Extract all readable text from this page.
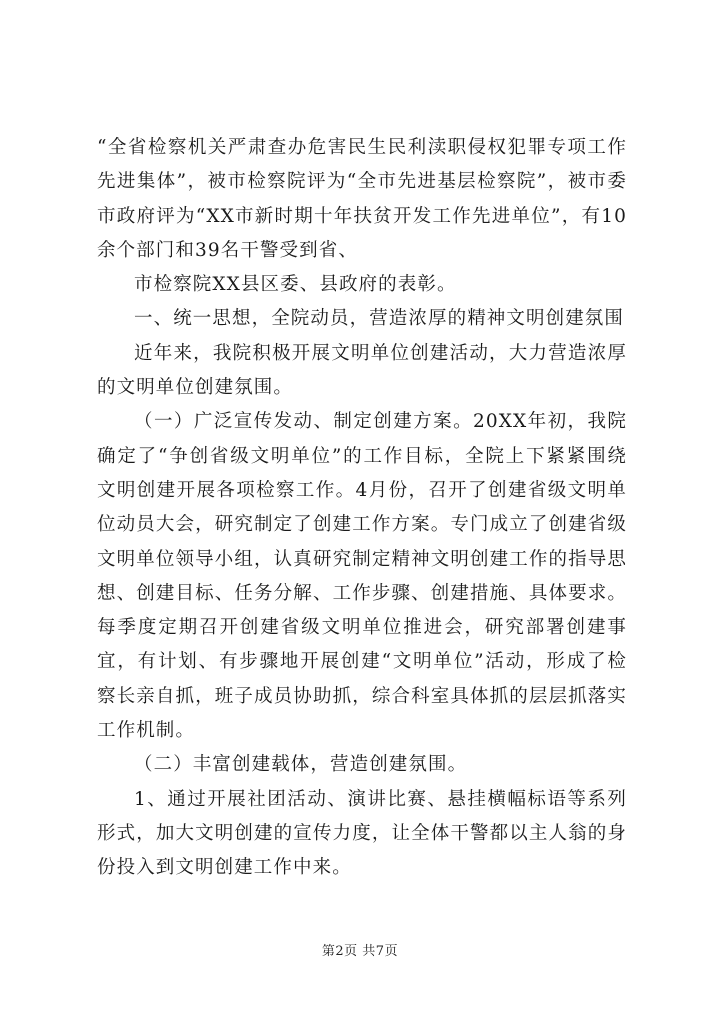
“全省检察机关严肃查办危害民生民利渎职侵权犯罪专项工作先进集体”，被市检察院评为“全市先进基层检察院”，被市委市政府评为“XX市新时期十年扶贫开发工作先进单位”，有10余个部门和39名干警受到省、

市检察院XX县区委、县政府的表彰。

一、统一思想，全院动员，营造浓厚的精神文明创建氛围

近年来，我院积极开展文明单位创建活动，大力营造浓厚的文明单位创建氛围。

（一）广泛宣传发动、制定创建方案。20XX年初，我院确定了“争创省级文明单位”的工作目标，全院上下紧紧围绕文明创建开展各项检察工作。4月份，召开了创建省级文明单位动员大会，研究制定了创建工作方案。专门成立了创建省级文明单位领导小组，认真研究制定精神文明创建工作的指导思想、创建目标、任务分解、工作步骤、创建措施、具体要求。每季度定期召开创建省级文明单位推进会，研究部署创建事宜，有计划、有步骤地开展创建“文明单位”活动，形成了检察长亲自抓，班子成员协助抓，综合科室具体抓的层层抓落实工作机制。

（二）丰富创建载体，营造创建氛围。

1、通过开展社团活动、演讲比赛、悬挂横幅标语等系列形式，加大文明创建的宣传力度，让全体干警都以主人翁的身份投入到文明创建工作中来。

第2页 共7页
